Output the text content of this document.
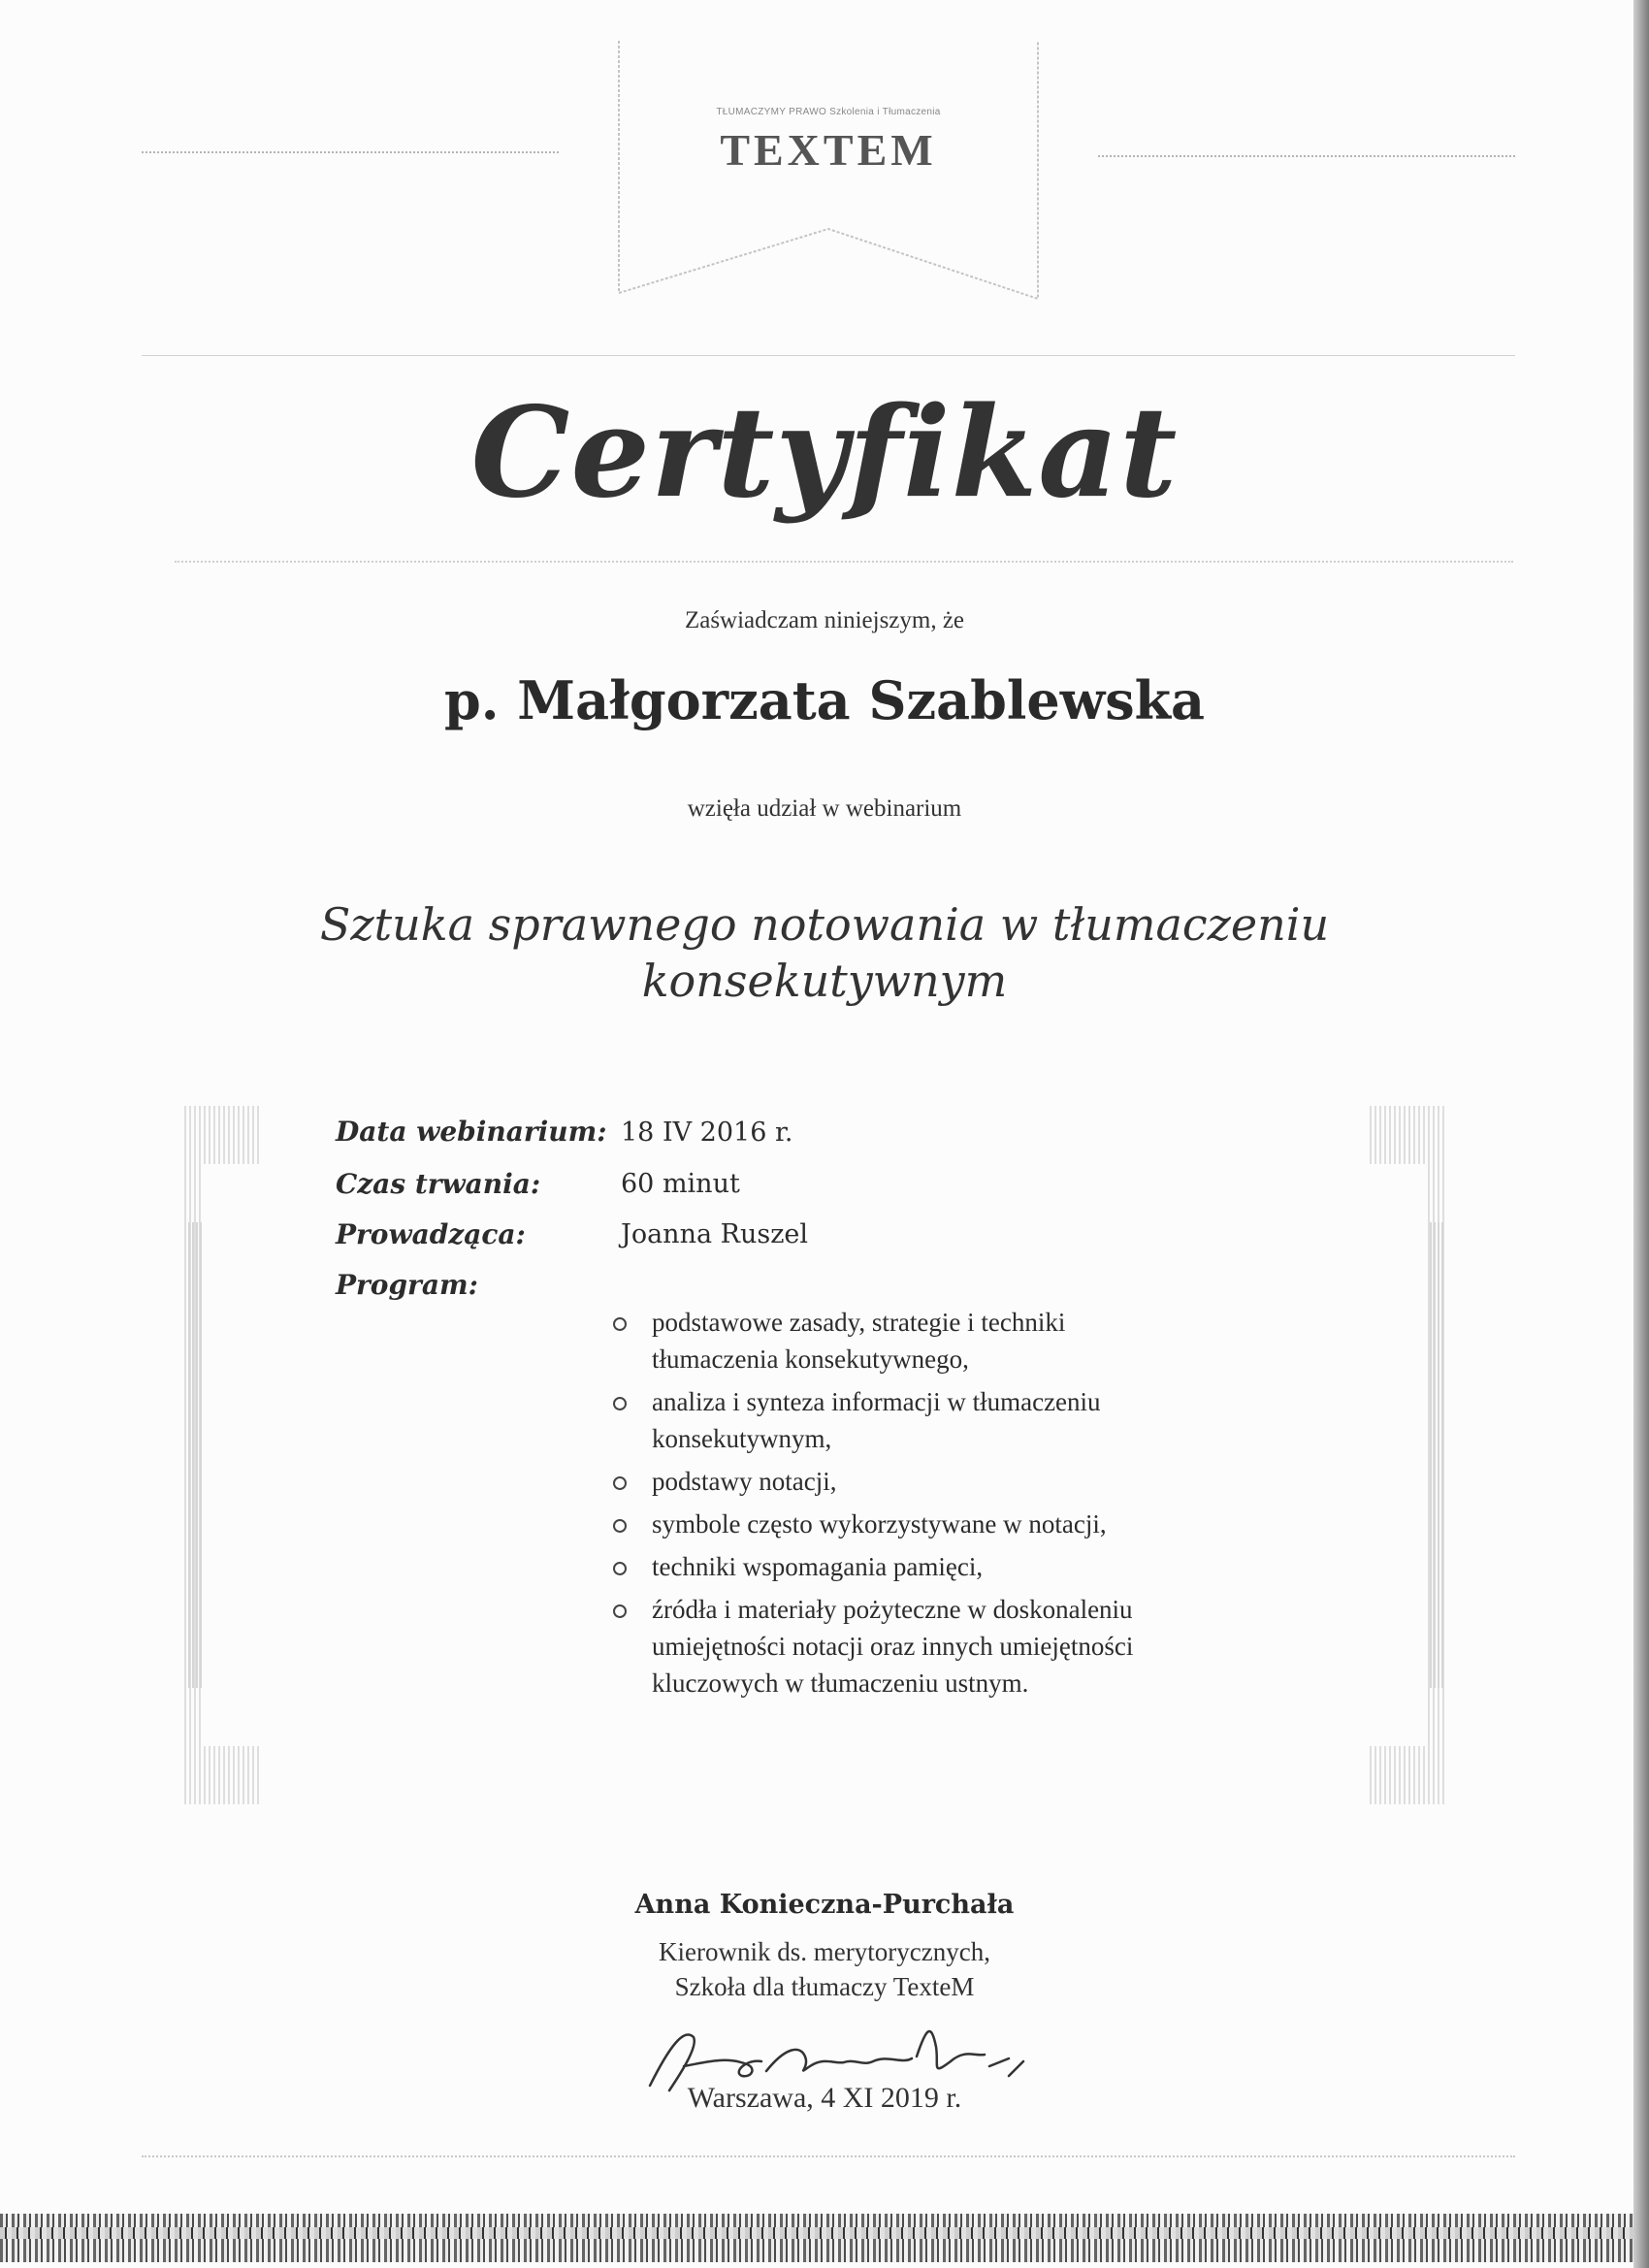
TŁUMACZYMY PRAWO Szkolenia i Tłumaczenia
TEXTEM
Certyfikat
Zaświadczam niniejszym, że
p. Małgorzata Szablewska
wzięła udział w webinarium
Sztuka sprawnego notowania w tłumaczeniu
konsekutywnym
Data webinarium: 18 IV 2016 r.
Czas trwania:	60 minut
Prowadząca:	Joanna Ruszel
Program:
podstawowe zasady, strategie i techniki
tłumaczenia konsekutywnego,
analiza i synteza informacji w tłumaczeniu
konsekutywnym,
podstawy notacji,
symbole często wykorzystywane w notacji,
techniki wspomagania pamięci,
źródła i materiały pożyteczne w doskonaleniu
umiejętności notacji oraz innych umiejętności
kluczowych w tłumaczeniu ustnym.
Anna Konieczna-Purchała
Kierownik ds. merytorycznych,
Szkoła dla tłumaczy TexteM
Warszawa, 4 XI 2019 r.
